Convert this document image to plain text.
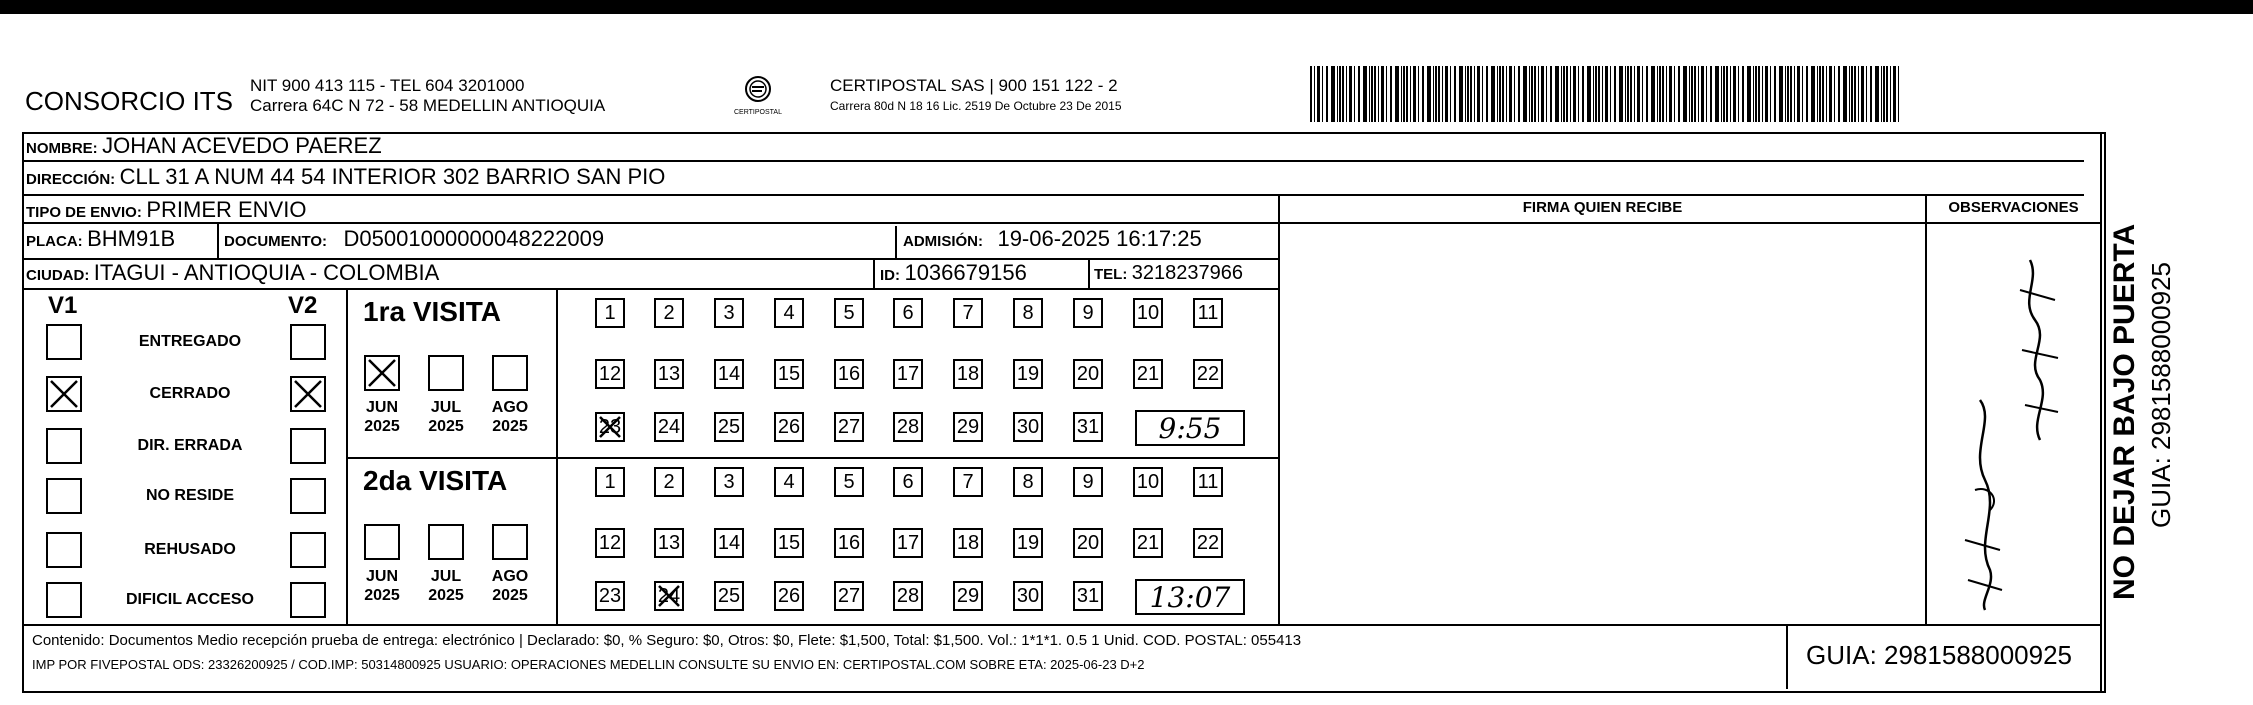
CONSORCIO ITS
NIT 900 413 115 - TEL 604 3201000
Carrera 64C N 72 - 58 MEDELLIN ANTIOQUIA	CERTIPOSTAL
CERTIPOSTAL SAS | 900 151 122 - 2
Carrera 80d N 18 16 Lic. 2519 De Octubre 23 De 2015
NOMBRE: JOHAN ACEVEDO PAEREZ
DIRECCIÓN: CLL 31 A NUM 44 54 INTERIOR 302 BARRIO SAN PIO
TIPO DE ENVIO: PRIMER ENVIO
PLACA: BHM91B	DOCUMENTO: D05001000000048222009	ADMISIÓN: 19-06-2025 16:17:25
CIUDAD: ITAGUI - ANTIOQUIA - COLOMBIA	ID: 1036679156	TEL: 3218237966
FIRMA QUIEN RECIBE	OBSERVACIONES
V1	V2
ENTREGADO
CERRADO
DIR. ERRADA
NO RESIDE
REHUSADO
DIFICIL ACCESO
1ra VISITA
2da VISITA
JUN
2025
JUL
2025
AGO
2025
1	2	3	4	5	6	7	8	9	10 11
12 13 14 15 16 17 18 19 20 21 22
23 24 25 26 27 28 29 30 31	9:55
JUN
2025
JUL
2025
AGO
2025
1	2	3	4	5	6	7	8	9	10 11
12 13 14 15 16 17 18 19 20 21 22
23 24 25 26 27 28 29 30 31	13:07
Contenido: Documentos Medio recepción prueba de entrega: electrónico | Declarado: $0, % Seguro: $0, Otros: $0, Flete: $1,500, Total: $1,500. Vol.: 1*1*1. 0.5 1 Unid. COD. POSTAL: 055413
IMP POR FIVEPOSTAL ODS: 23326200925 / COD.IMP: 50314800925 USUARIO: OPERACIONES MEDELLIN CONSULTE SU ENVIO EN: CERTIPOSTAL.COM SOBRE ETA: 2025-06-23 D+2	GUIA: 2981588000925
NO DEJAR BAJO PUERTA GUIA: 2981588000925
